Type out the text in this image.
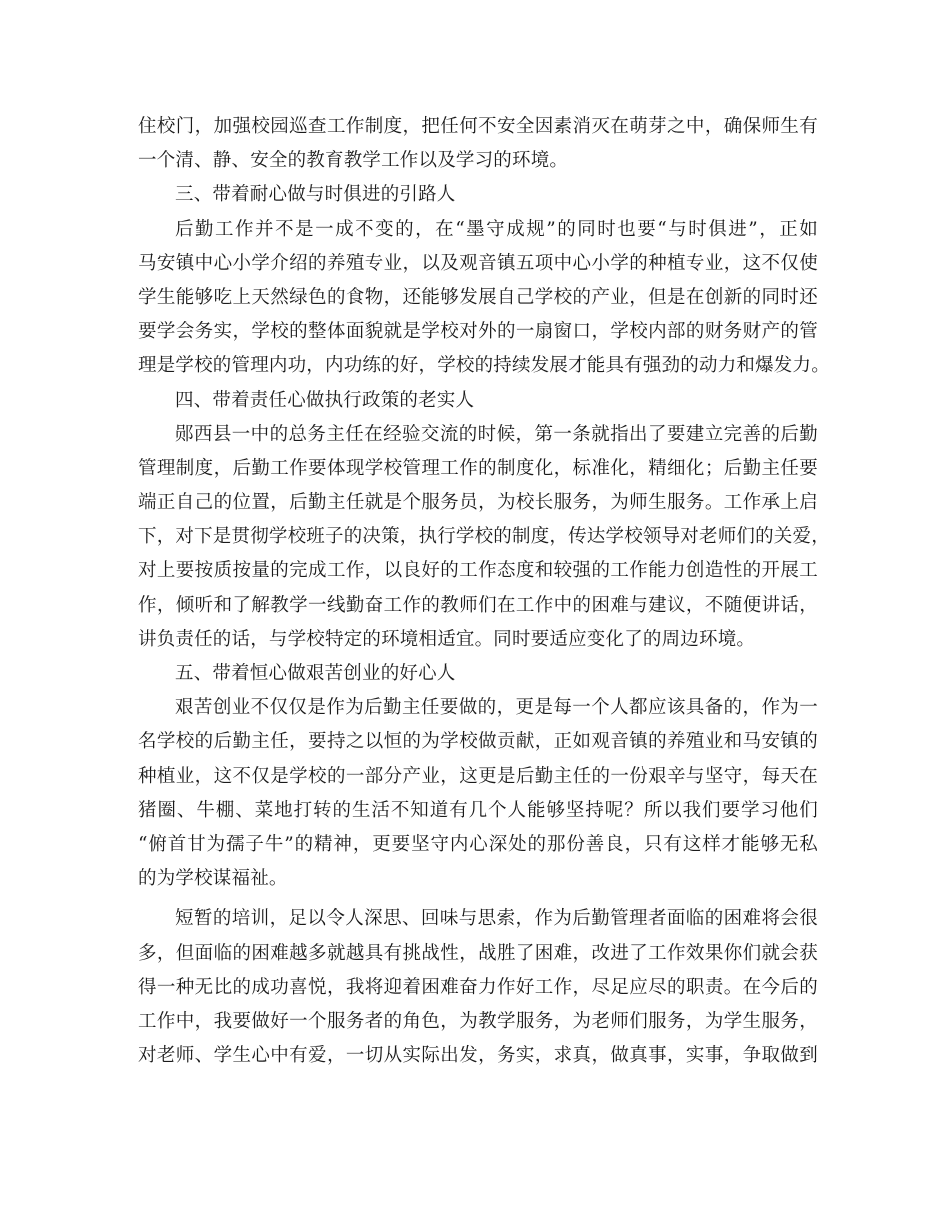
住校门，加强校园巡查工作制度，把任何不安全因素消灭在萌芽之中，确保师生有
一个清、静、安全的教育教学工作以及学习的环境。
三、带着耐心做与时俱进的引路人
后勤工作并不是一成不变的，在“墨守成规”的同时也要“与时俱进”，正如
马安镇中心小学介绍的养殖专业，以及观音镇五项中心小学的种植专业，这不仅使
学生能够吃上天然绿色的食物，还能够发展自己学校的产业，但是在创新的同时还
要学会务实，学校的整体面貌就是学校对外的一扇窗口，学校内部的财务财产的管
理是学校的管理内功，内功练的好，学校的持续发展才能具有强劲的动力和爆发力。
四、带着责任心做执行政策的老实人
郧西县一中的总务主任在经验交流的时候，第一条就指出了要建立完善的后勤
管理制度，后勤工作要体现学校管理工作的制度化，标准化，精细化；后勤主任要
端正自己的位置，后勤主任就是个服务员，为校长服务，为师生服务。工作承上启
下，对下是贯彻学校班子的决策，执行学校的制度，传达学校领导对老师们的关爱，
对上要按质按量的完成工作，以良好的工作态度和较强的工作能力创造性的开展工
作，倾听和了解教学一线勤奋工作的教师们在工作中的困难与建议，不随便讲话，
讲负责任的话，与学校特定的环境相适宜。同时要适应变化了的周边环境。
五、带着恒心做艰苦创业的好心人
艰苦创业不仅仅是作为后勤主任要做的，更是每一个人都应该具备的，作为一
名学校的后勤主任，要持之以恒的为学校做贡献，正如观音镇的养殖业和马安镇的
种植业，这不仅是学校的一部分产业，这更是后勤主任的一份艰辛与坚守，每天在
猪圈、牛棚、菜地打转的生活不知道有几个人能够坚持呢？所以我们要学习他们
“俯首甘为孺子牛”的精神，更要坚守内心深处的那份善良，只有这样才能够无私
的为学校谋福祉。
短暂的培训，足以令人深思、回味与思索，作为后勤管理者面临的困难将会很
多，但面临的困难越多就越具有挑战性，战胜了困难，改进了工作效果你们就会获
得一种无比的成功喜悦，我将迎着困难奋力作好工作，尽足应尽的职责。在今后的
工作中，我要做好一个服务者的角色，为教学服务，为老师们服务，为学生服务，
对老师、学生心中有爱，一切从实际出发，务实，求真，做真事，实事，争取做到
